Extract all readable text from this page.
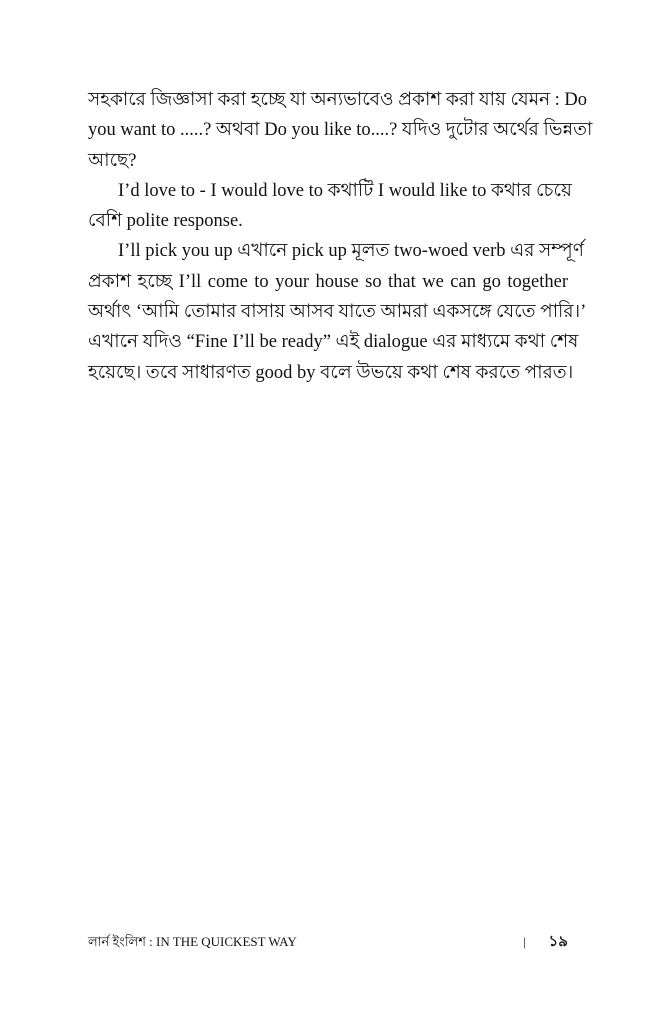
সহকারে জিজ্ঞাসা করা হচ্ছে যা অন্যভাবেও প্রকাশ করা যায় যেমন : Do
you want to .....? অথবা Do you like to....? যদিও দুটোর অর্থের ভিন্নতা
আছে?
I’d love to - I would love to কথাটি I would like to কথার চেয়ে
বেশি polite response.
I’ll pick you up এখানে pick up মূলত two-woed verb এর সম্পূর্ণ
প্রকাশ হচ্ছে I’ll come to your house so that we can go together
অর্থাৎ ‘আমি তোমার বাসায় আসব যাতে আমরা একসঙ্গে যেতে পারি।’
এখানে যদিও “Fine I’ll be ready” এই dialogue এর মাধ্যমে কথা শেষ
হয়েছে। তবে সাধারণত good by বলে উভয়ে কথা শেষ করতে পারত।
লার্ন ইংলিশ : IN THE QUICKEST WAY	| ১৯
